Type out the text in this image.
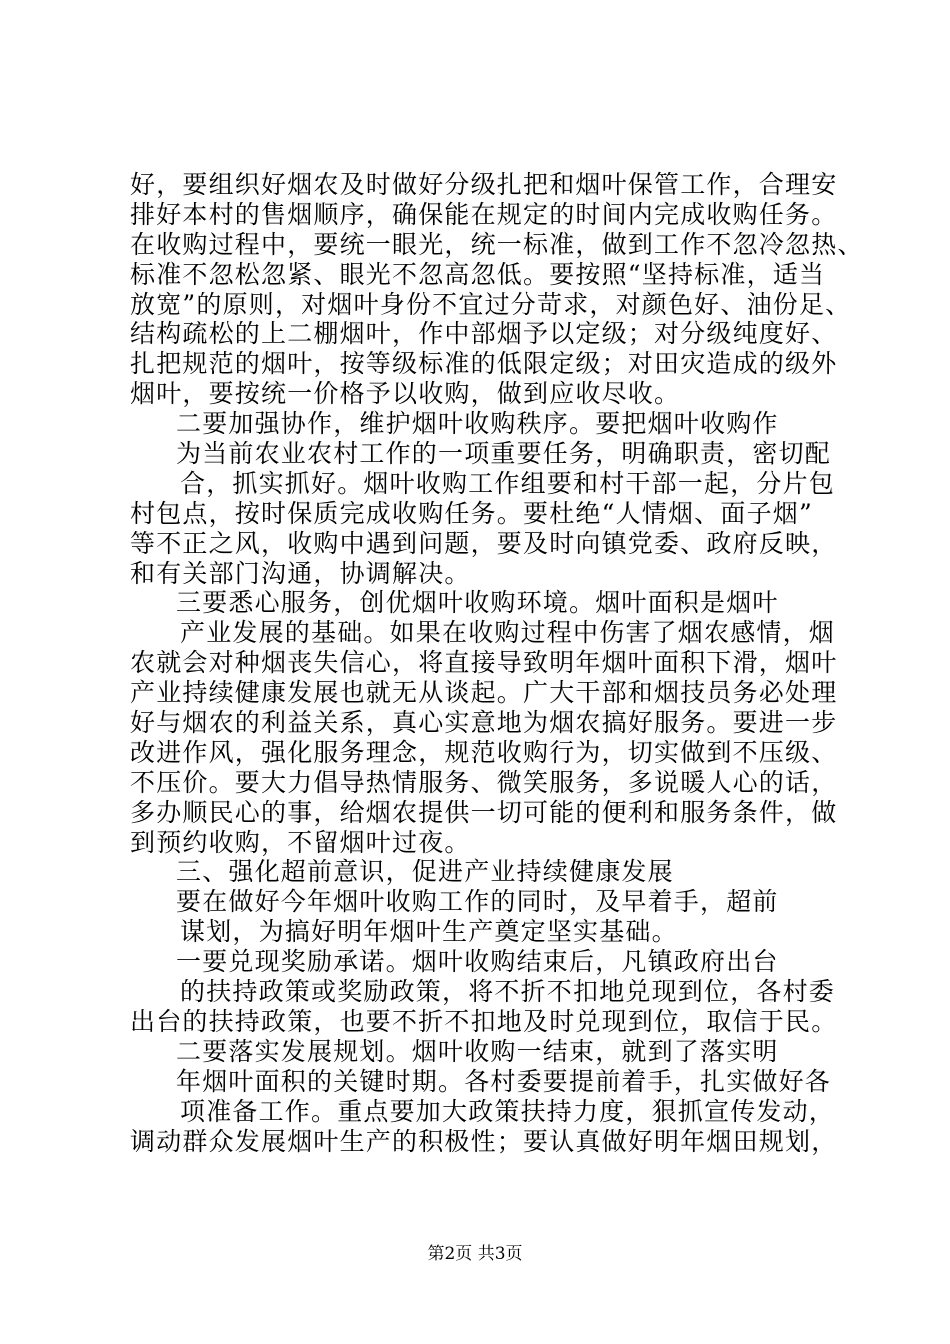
好，要组织好烟农及时做好分级扎把和烟叶保管工作，合理安
排好本村的售烟顺序，确保能在规定的时间内完成收购任务。
在收购过程中，要统一眼光，统一标准，做到工作不忽冷忽热、
标准不忽松忽紧、眼光不忽高忽低。要按照“坚持标准，适当
放宽”的原则，对烟叶身份不宜过分苛求，对颜色好、油份足、
结构疏松的上二棚烟叶，作中部烟予以定级；对分级纯度好、
扎把规范的烟叶，按等级标准的低限定级；对田灾造成的级外
烟叶，要按统一价格予以收购，做到应收尽收。
二要加强协作，维护烟叶收购秩序。要把烟叶收购作
为当前农业农村工作的一项重要任务，明确职责，密切配
合，抓实抓好。烟叶收购工作组要和村干部一起，分片包
村包点，按时保质完成收购任务。要杜绝“人情烟、面子烟”
等不正之风，收购中遇到问题，要及时向镇党委、政府反映，
和有关部门沟通，协调解决。
三要悉心服务，创优烟叶收购环境。烟叶面积是烟叶
产业发展的基础。如果在收购过程中伤害了烟农感情，烟
农就会对种烟丧失信心，将直接导致明年烟叶面积下滑，烟叶
产业持续健康发展也就无从谈起。广大干部和烟技员务必处理
好与烟农的利益关系，真心实意地为烟农搞好服务。要进一步
改进作风，强化服务理念，规范收购行为，切实做到不压级、
不压价。要大力倡导热情服务、微笑服务，多说暖人心的话，
多办顺民心的事，给烟农提供一切可能的便利和服务条件，做
到预约收购，不留烟叶过夜。
三、强化超前意识，促进产业持续健康发展
要在做好今年烟叶收购工作的同时，及早着手，超前
谋划，为搞好明年烟叶生产奠定坚实基础。
一要兑现奖励承诺。烟叶收购结束后，凡镇政府出台
的扶持政策或奖励政策，将不折不扣地兑现到位，各村委
出台的扶持政策，也要不折不扣地及时兑现到位，取信于民。
二要落实发展规划。烟叶收购一结束，就到了落实明
年烟叶面积的关键时期。各村委要提前着手，扎实做好各
项准备工作。重点要加大政策扶持力度，狠抓宣传发动，
调动群众发展烟叶生产的积极性；要认真做好明年烟田规划，
第2页 共3页
